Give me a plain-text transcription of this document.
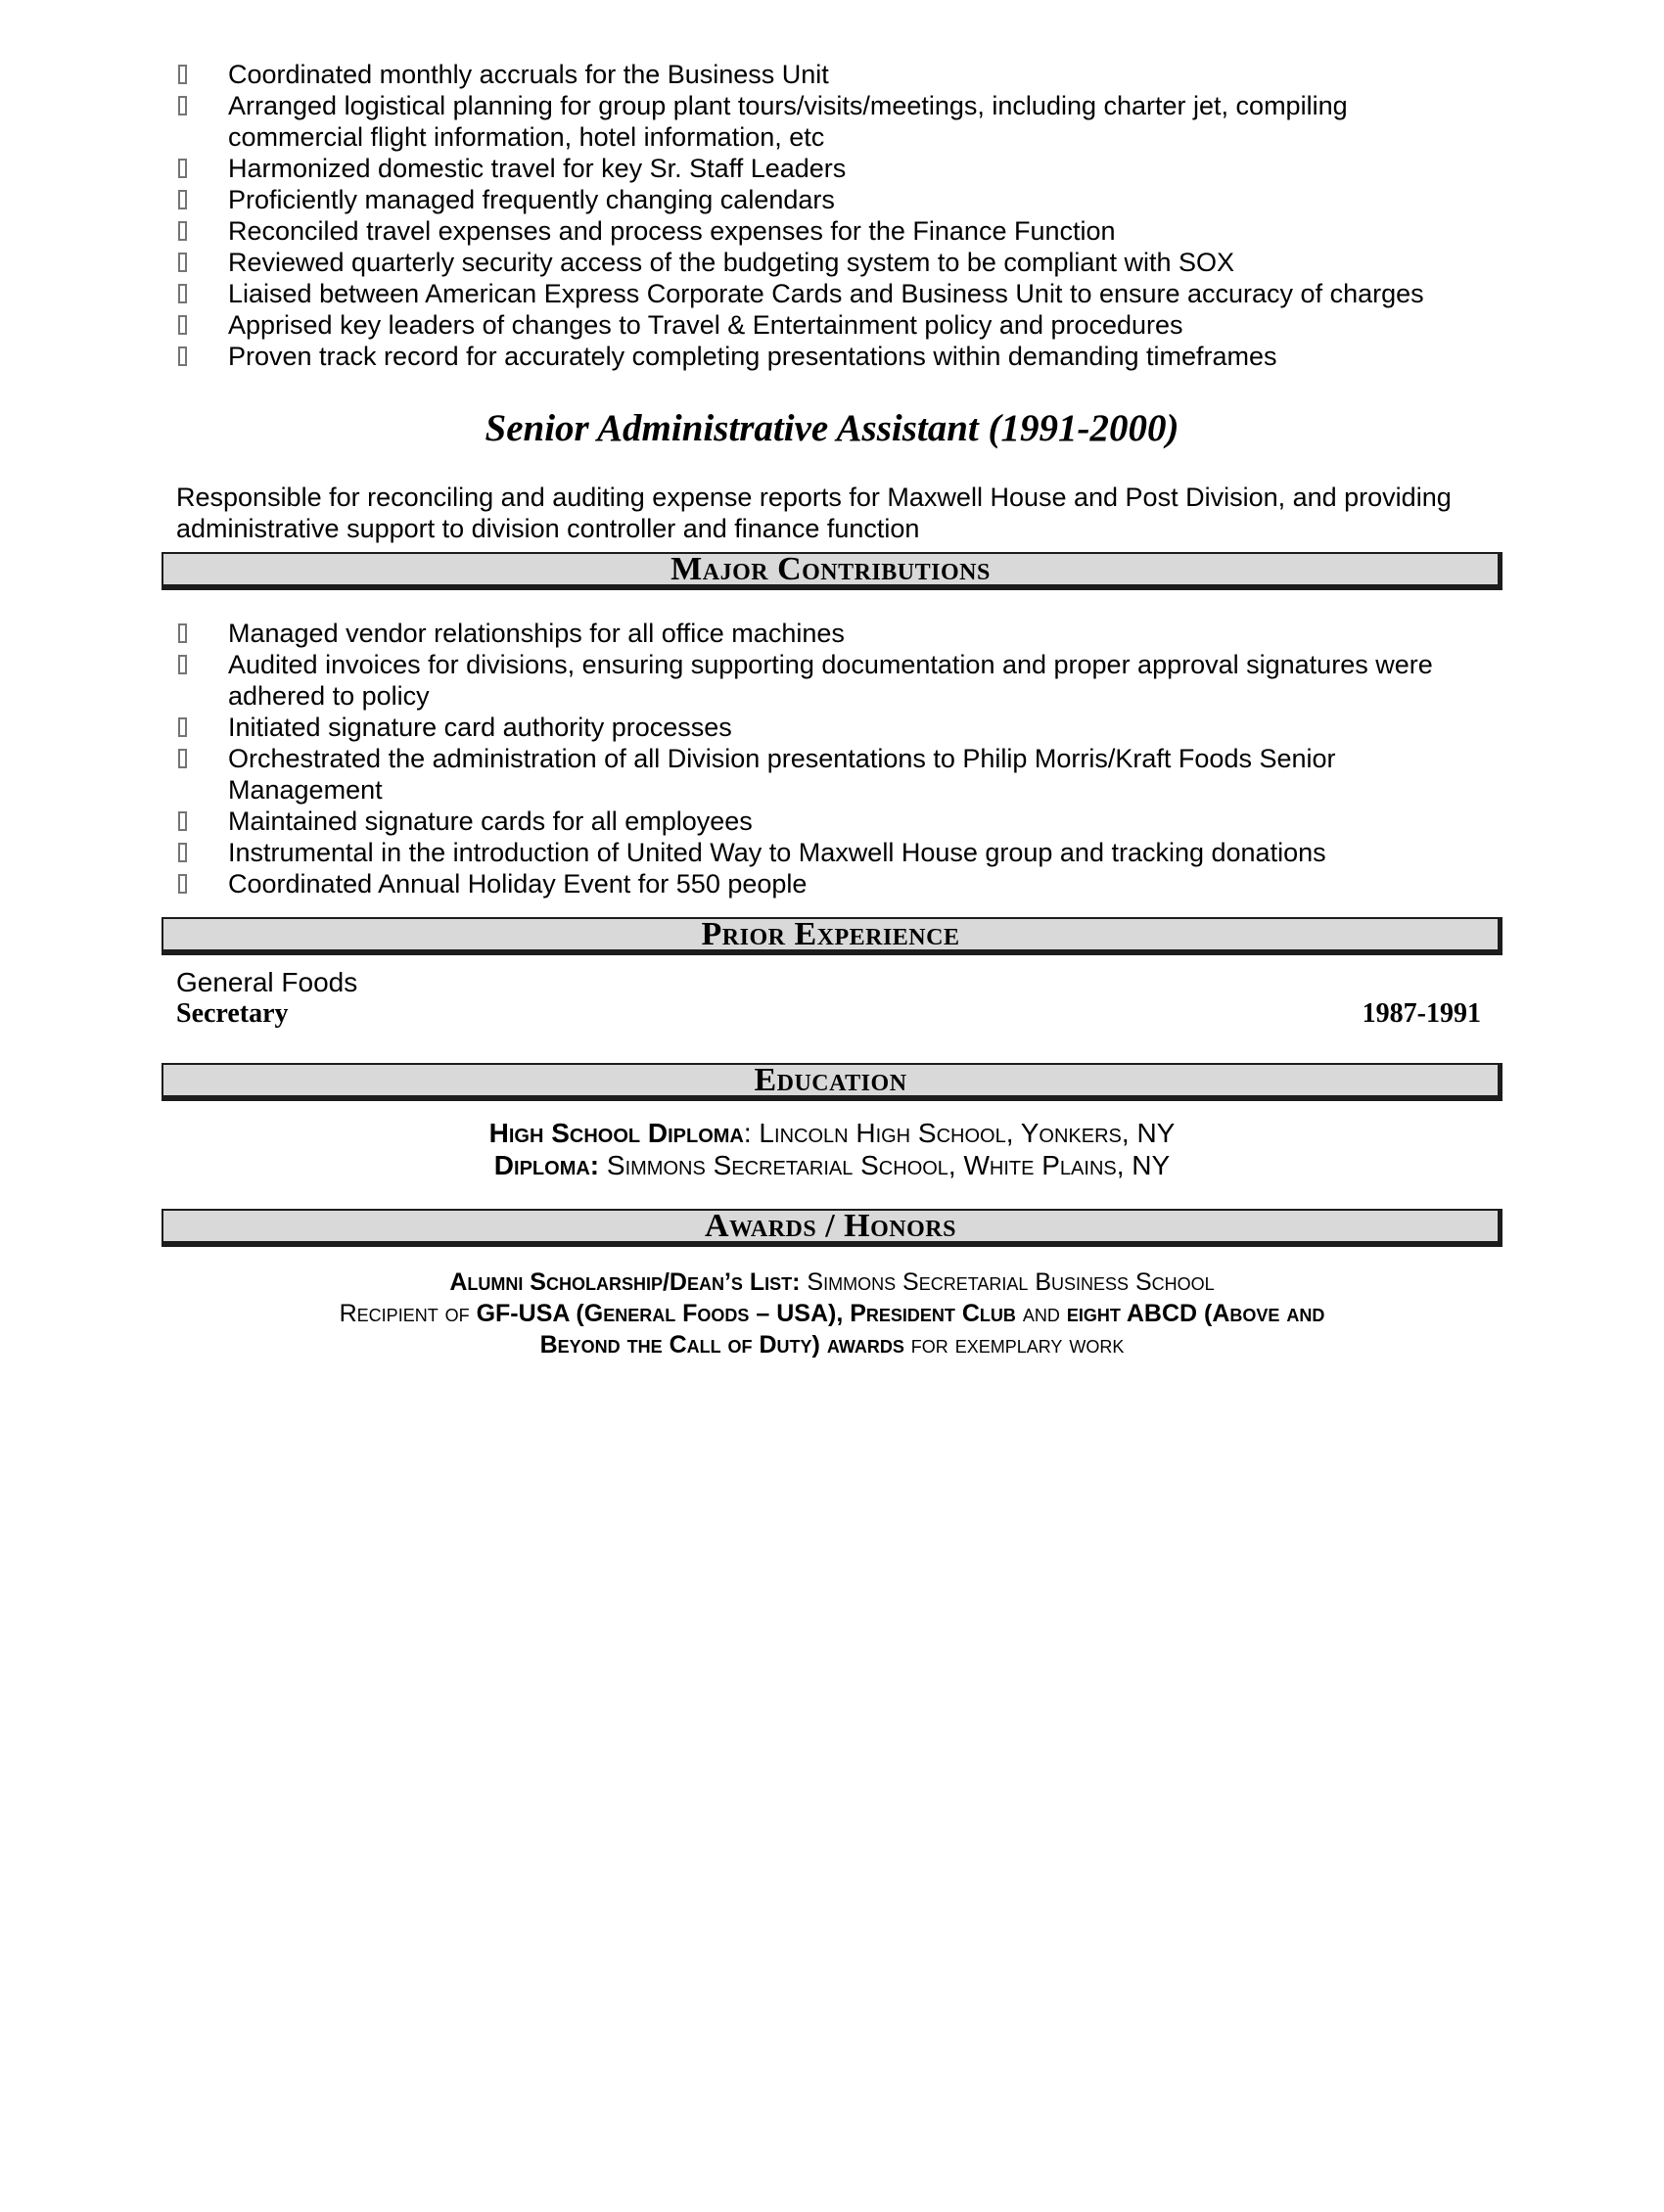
Coordinated monthly accruals for the Business Unit
Arranged logistical planning for group plant tours/visits/meetings, including charter jet, compiling commercial flight information, hotel information, etc
Harmonized domestic travel for key Sr. Staff Leaders
Proficiently managed frequently changing calendars
Reconciled travel expenses and process expenses for the Finance Function
Reviewed quarterly security access of the budgeting system to be compliant with SOX
Liaised between American Express Corporate Cards and Business Unit to ensure accuracy of charges
Apprised key leaders of changes to Travel & Entertainment policy and procedures
Proven track record for accurately completing presentations within demanding timeframes
Senior Administrative Assistant (1991-2000)

Responsible for reconciling and auditing expense reports for Maxwell House and Post Division, and providing administrative support to division controller and finance function

Major Contributions
Managed vendor relationships for all office machines
Audited invoices for divisions, ensuring supporting documentation and proper approval signatures were adhered to policy
Initiated signature card authority processes
Orchestrated the administration of all Division presentations to Philip Morris/Kraft Foods Senior Management
Maintained signature cards for all employees
Instrumental in the introduction of United Way to Maxwell House group and tracking donations
Coordinated Annual Holiday Event for 550 people
Prior Experience
General Foods
Secretary	1987-1991
Education
High School Diploma: Lincoln High School, Yonkers, NY
Diploma: Simmons Secretarial School, White Plains, NY
Awards / Honors
Alumni Scholarship/Dean’s List: Simmons Secretarial Business School
Recipient of GF-USA (General Foods – USA), President Club and eight ABCD (Above and
Beyond the Call of Duty) awards for exemplary work
